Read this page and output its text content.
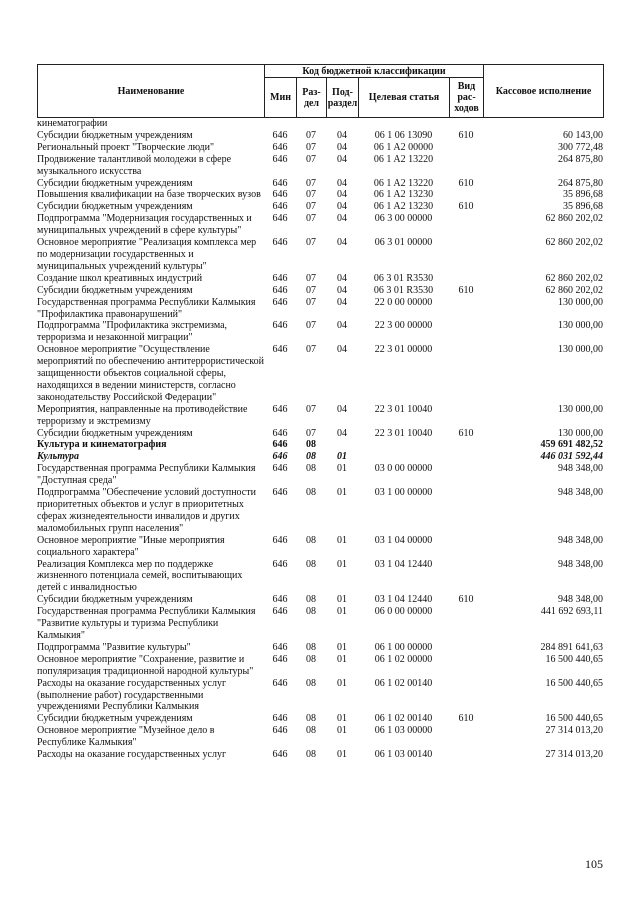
Наименование	Код бюджетной классификации					Кассовое исполнение
	Мин	Раз-дел	Под-раздел	Целевая статья	Вид рас-ходов	
кинематографии						
Субсидии бюджетным учреждениям	646	07	04	06 1 06 13090	610	60 143,00
Региональный проект "Творческие люди"	646	07	04	06 1 A2 00000		300 772,48
Продвижение талантливой молодежи в сфере музыкального искусства	646	07	04	06 1 A2 13220		264 875,80
Субсидии бюджетным учреждениям	646	07	04	06 1 A2 13220	610	264 875,80
Повышения квалификации на базе творческих вузов	646	07	04	06 1 A2 13230		35 896,68
Субсидии бюджетным учреждениям	646	07	04	06 1 A2 13230	610	35 896,68
Подпрограмма "Модернизация государственных и муниципальных учреждений в сфере культуры"	646	07	04	06 3 00 00000		62 860 202,02
Основное мероприятие "Реализация комплекса мер по модернизации государственных и муниципальных учреждений культуры"	646	07	04	06 3 01 00000		62 860 202,02
Создание школ креативных индустрий	646	07	04	06 3 01 R3530		62 860 202,02
Субсидии бюджетным учреждениям	646	07	04	06 3 01 R3530	610	62 860 202,02
Государственная программа Республики Калмыкия "Профилактика правонарушений"	646	07	04	22 0 00 00000		130 000,00
Подпрограмма "Профилактика экстремизма, терроризма и незаконной миграции"	646	07	04	22 3 00 00000		130 000,00
Основное мероприятие "Осуществление мероприятий по обеспечению антитеррористической защищенности объектов социальной сферы, находящихся в ведении министерств, согласно законодательству Российской Федерации"	646	07	04	22 3 01 00000		130 000,00
Мероприятия, направленные на противодействие терроризму и экстремизму	646	07	04	22 3 01 10040		130 000,00
Субсидии бюджетным учреждениям	646	07	04	22 3 01 10040	610	130 000,00
Культура и кинематография	646	08				459 691 482,52
Культура	646	08	01			446 031 592,44
Государственная программа Республики Калмыкия "Доступная среда"	646	08	01	03 0 00 00000		948 348,00
Подпрограмма "Обеспечение условий доступности приоритетных объектов и услуг в приоритетных сферах жизнедеятельности инвалидов и других маломобильных групп населения"	646	08	01	03 1 00 00000		948 348,00
Основное мероприятие "Иные мероприятия социального характера"	646	08	01	03 1 04 00000		948 348,00
Реализация Комплекса мер по поддержке жизненного потенциала семей, воспитывающих детей с инвалидностью	646	08	01	03 1 04 12440		948 348,00
Субсидии бюджетным учреждениям	646	08	01	03 1 04 12440	610	948 348,00
Государственная программа Республики Калмыкия "Развитие культуры и туризма Республики Калмыкия"	646	08	01	06 0 00 00000		441 692 693,11
Подпрограмма "Развитие культуры"	646	08	01	06 1 00 00000		284 891 641,63
Основное мероприятие "Сохранение, развитие и популяризация традиционной народной культуры"	646	08	01	06 1 02 00000		16 500 440,65
Расходы на оказание государственных услуг (выполнение работ) государственными учреждениями Республики Калмыкия	646	08	01	06 1 02 00140		16 500 440,65
Субсидии бюджетным учреждениям	646	08	01	06 1 02 00140	610	16 500 440,65
Основное мероприятие "Музейное дело в Республике Калмыкия"	646	08	01	06 1 03 00000		27 314 013,20
Расходы на оказание государственных услуг	646	08	01	06 1 03 00140		27 314 013,20
105
